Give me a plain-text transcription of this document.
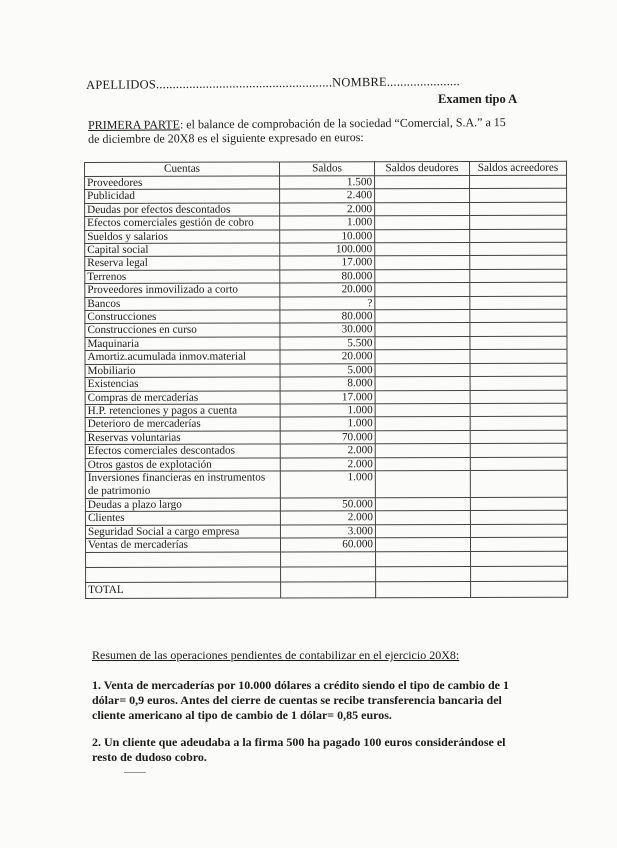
APELLIDOS.....................................................NOMBRE......................
Examen tipo A
PRIMERA PARTE: el balance de comprobación de la sociedad “Comercial, S.A.” a 15
de diciembre de 20X8 es el siguiente expresado en euros:
Cuentas	Saldos	Saldos deudores	Saldos acreedores
Proveedores	1.500		
Publicidad	2.400		
Deudas por efectos descontados	2.000		
Efectos comerciales gestión de cobro	1.000		
Sueldos y salarios	10.000		
Capital social	100.000		
Reserva legal	17.000		
Terrenos	80.000		
Proveedores inmovilizado a corto	20.000		
Bancos	?		
Construcciones	80.000		
Construcciones en curso	30.000		
Maquinaria	5.500		
Amortiz.acumulada inmov.material	20.000		
Mobiliario	5.000		
Existencias	8.000		
Compras de mercaderías	17.000		
H.P. retenciones y pagos a cuenta	1.000		
Deterioro de mercaderías	1.000		
Reservas voluntarias	70.000		
Efectos comerciales descontados	2.000		
Otros gastos de explotación	2.000		
Inversiones financieras en instrumentos de patrimonio	1.000		
Deudas a plazo largo	50.000		
Clientes	2.000		
Seguridad Social a cargo empresa	3.000		
Ventas de mercaderías	60.000		

TOTAL			
Resumen de las operaciones pendientes de contabilizar en el ejercicio 20X8:
1. Venta de mercaderías por 10.000 dólares a crédito siendo el tipo de cambio de 1 dólar= 0,9 euros. Antes del cierre de cuentas se recibe transferencia bancaria del cliente americano al tipo de cambio de 1 dólar= 0,85 euros.
2. Un cliente que adeudaba a la firma 500 ha pagado 100 euros considerándose el resto de dudoso cobro.
